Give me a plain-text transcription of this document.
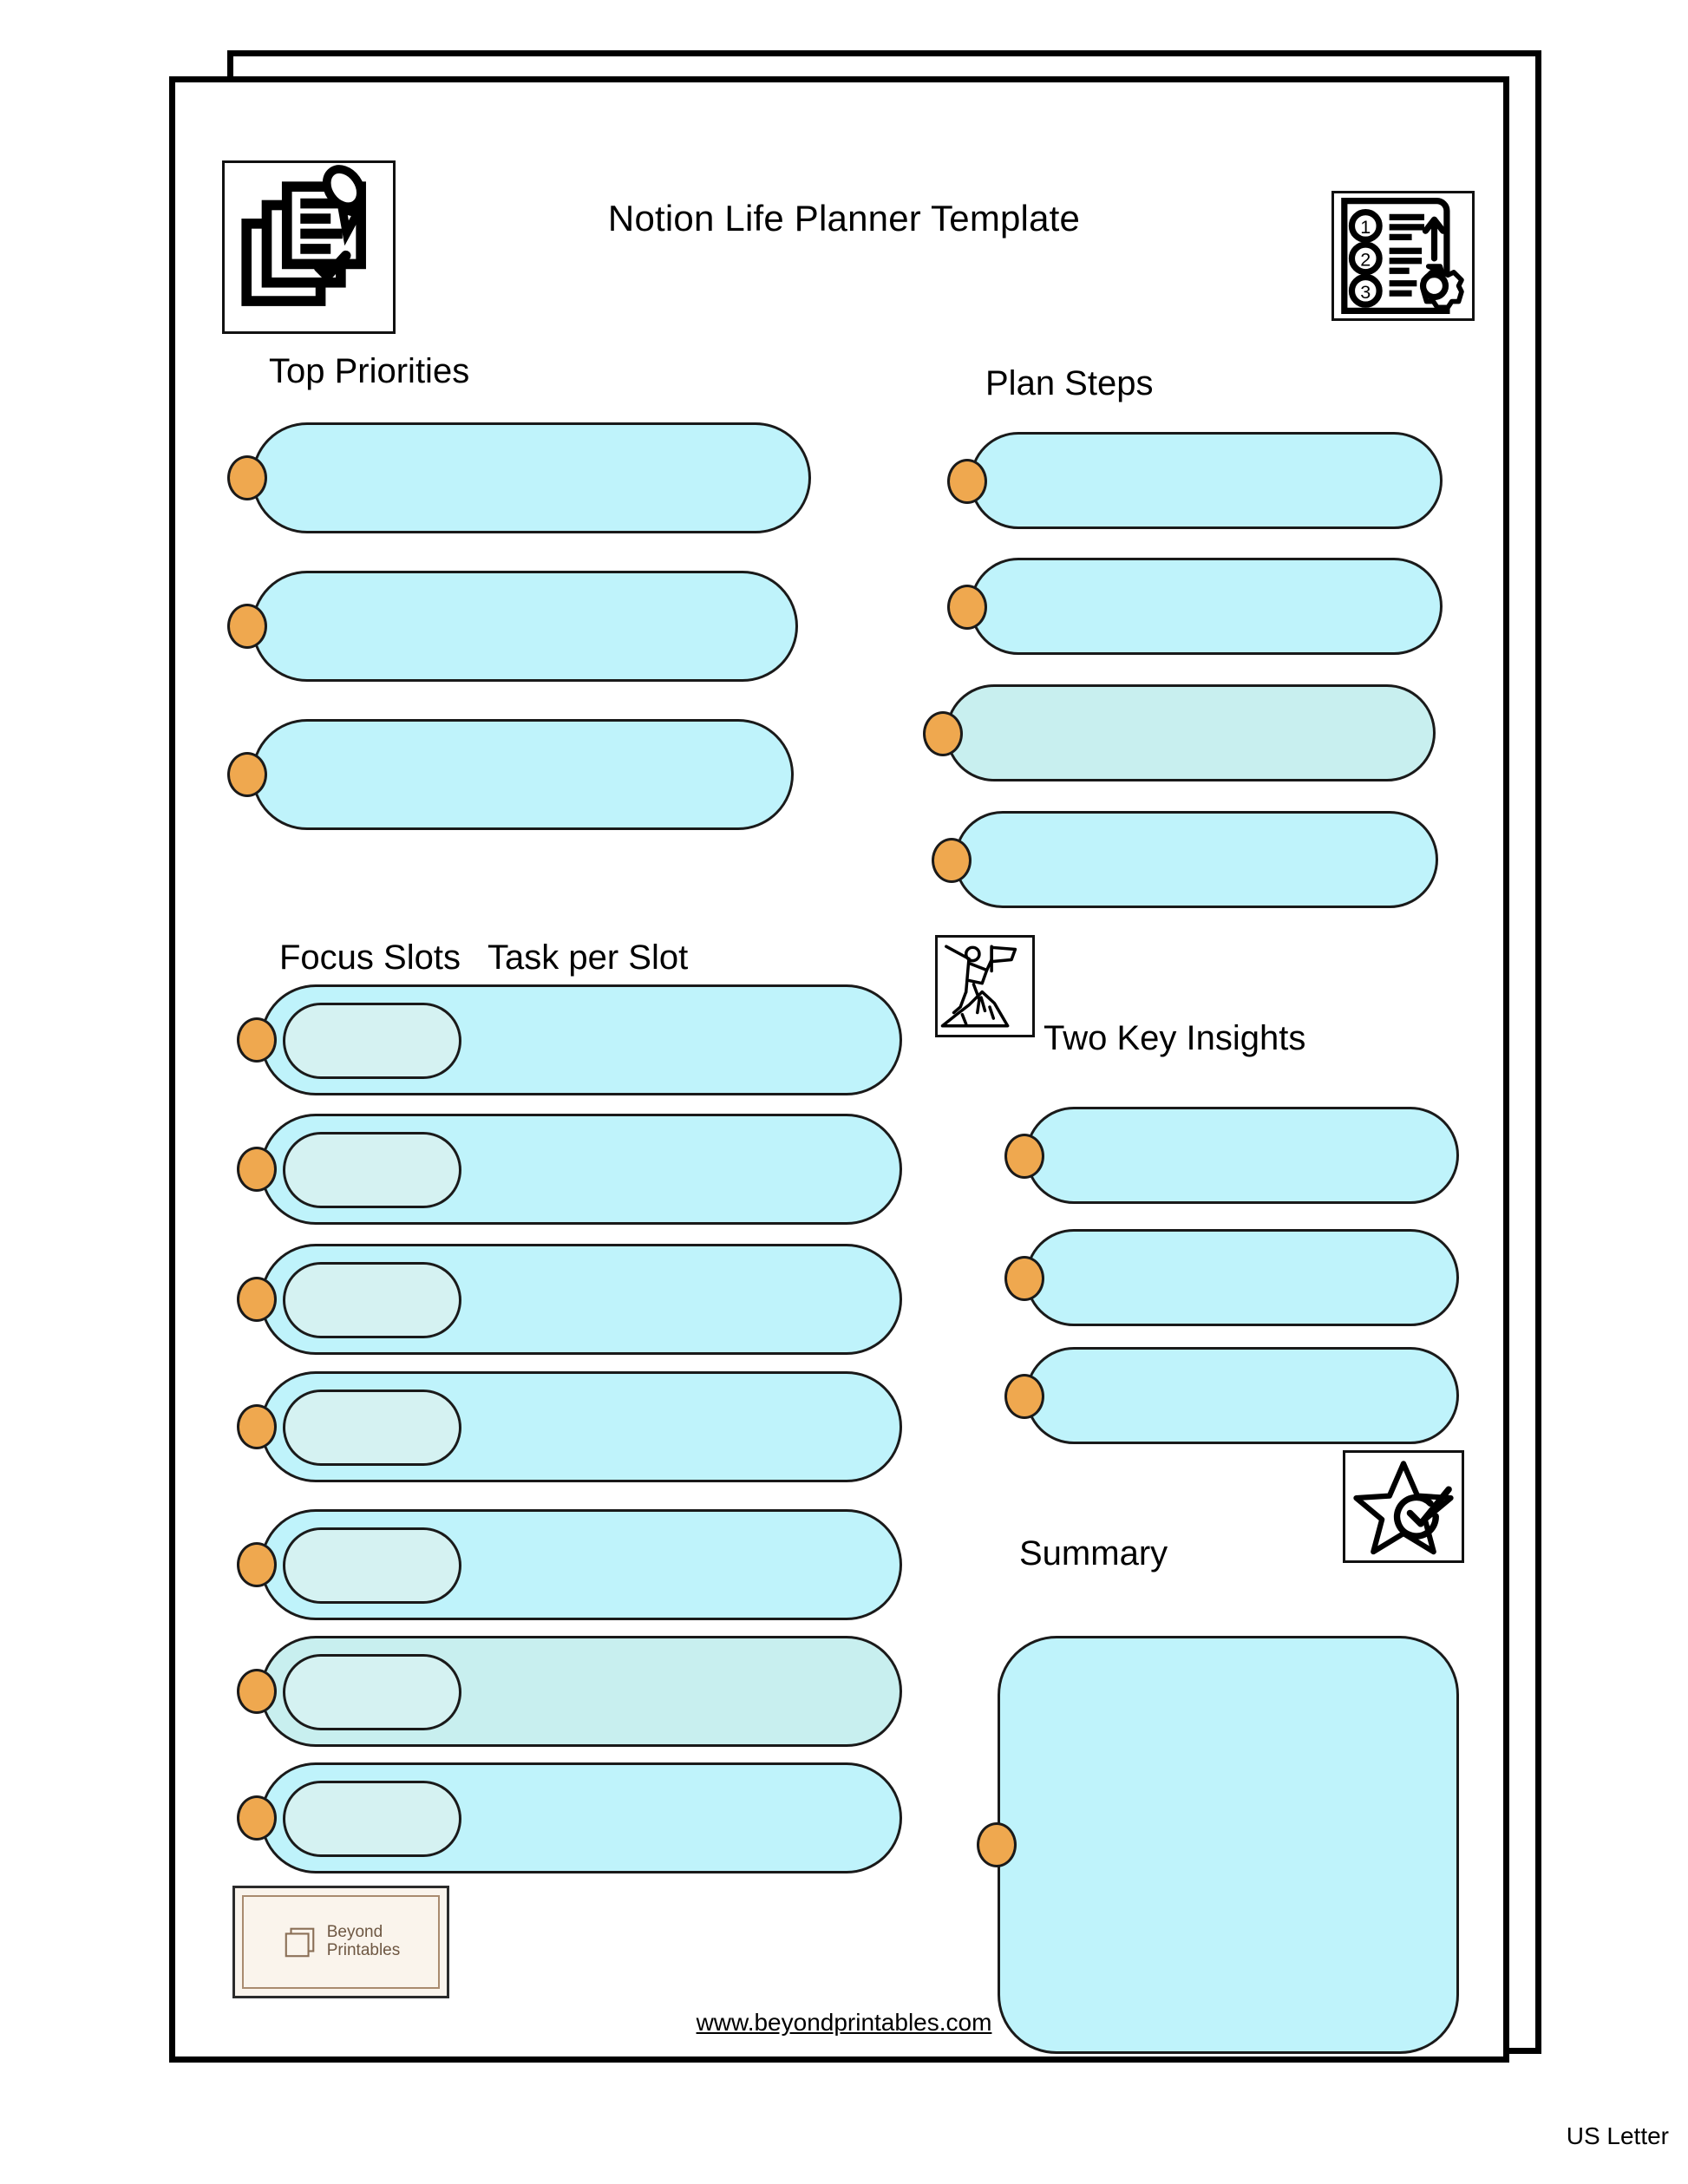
Notion Life Planner Template	1
2
3
Top Priorities	Plan Steps
Focus Slots Task per Slot
Two Key Insights
Summary
Beyond
Printables
www.beyondprintables.com
US Letter
